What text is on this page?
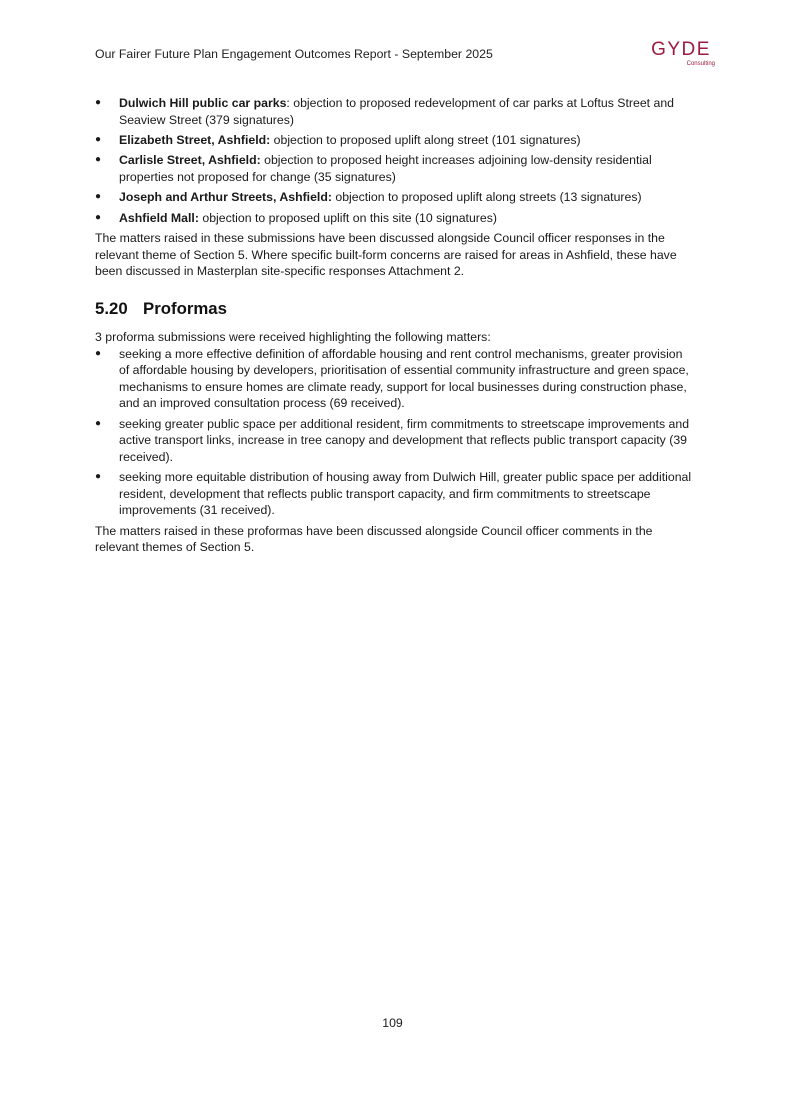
Our Fairer Future Plan Engagement Outcomes Report - September 2025	GYDE
Consulting
●	Dulwich Hill public car parks: objection to proposed redevelopment of car parks at Loftus Street and Seaview Street (379 signatures)
●	Elizabeth Street, Ashfield: objection to proposed uplift along street (101 signatures)
●	Carlisle Street, Ashfield: objection to proposed height increases adjoining low-density residential properties not proposed for change (35 signatures)
●	Joseph and Arthur Streets, Ashfield: objection to proposed uplift along streets (13 signatures)
●	Ashfield Mall: objection to proposed uplift on this site (10 signatures)

The matters raised in these submissions have been discussed alongside Council officer responses in the relevant theme of Section 5. Where specific built-form concerns are raised for areas in Ashfield, these have been discussed in Masterplan site-specific responses Attachment 2.

5.20 Proformas

3 proforma submissions were received highlighting the following matters:

●	seeking a more effective definition of affordable housing and rent control mechanisms, greater provision of affordable housing by developers, prioritisation of essential community infrastructure and green space, mechanisms to ensure homes are climate ready, support for local businesses during construction phase, and an improved consultation process (69 received).
●	seeking greater public space per additional resident, firm commitments to streetscape improvements and active transport links, increase in tree canopy and development that reflects public transport capacity (39 received).
●	seeking more equitable distribution of housing away from Dulwich Hill, greater public space per additional resident, development that reflects public transport capacity, and firm commitments to streetscape improvements (31 received).

The matters raised in these proformas have been discussed alongside Council officer comments in the relevant themes of Section 5.

109
